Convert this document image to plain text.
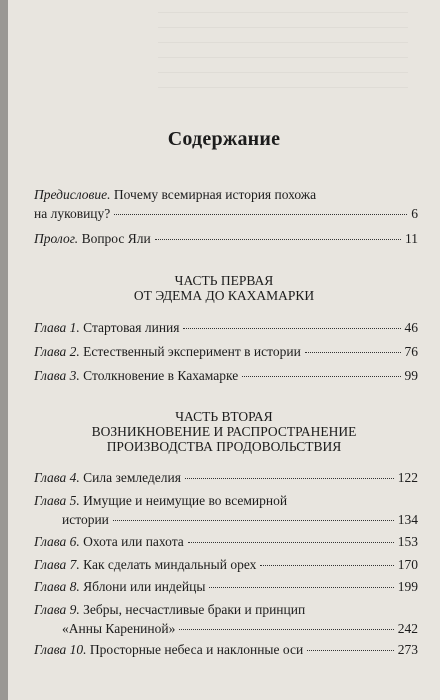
Содержание
Предисловие. Почему всемирная история похожа
на луковицу?	6
Пролог. Вопрос Яли	11
ЧАСТЬ ПЕРВАЯ
ОТ ЭДЕМА ДО КАХАМАРКИ
Глава 1. Стартовая линия	46
Глава 2. Естественный эксперимент в истории	76
Глава 3. Столкновение в Кахамарке	99
ЧАСТЬ ВТОРАЯ
ВОЗНИКНОВЕНИЕ И РАСПРОСТРАНЕНИЕ
ПРОИЗВОДСТВА ПРОДОВОЛЬСТВИЯ
Глава 4. Сила земледелия	122
Глава 5. Имущие и неимущие во всемирной
истории	134
Глава 6. Охота или пахота	153
Глава 7. Как сделать миндальный орех	170
Глава 8. Яблони или индейцы	199
Глава 9. Зебры, несчастливые браки и принцип
«Анны Карениной»	242
Глава 10. Просторные небеса и наклонные оси	273
